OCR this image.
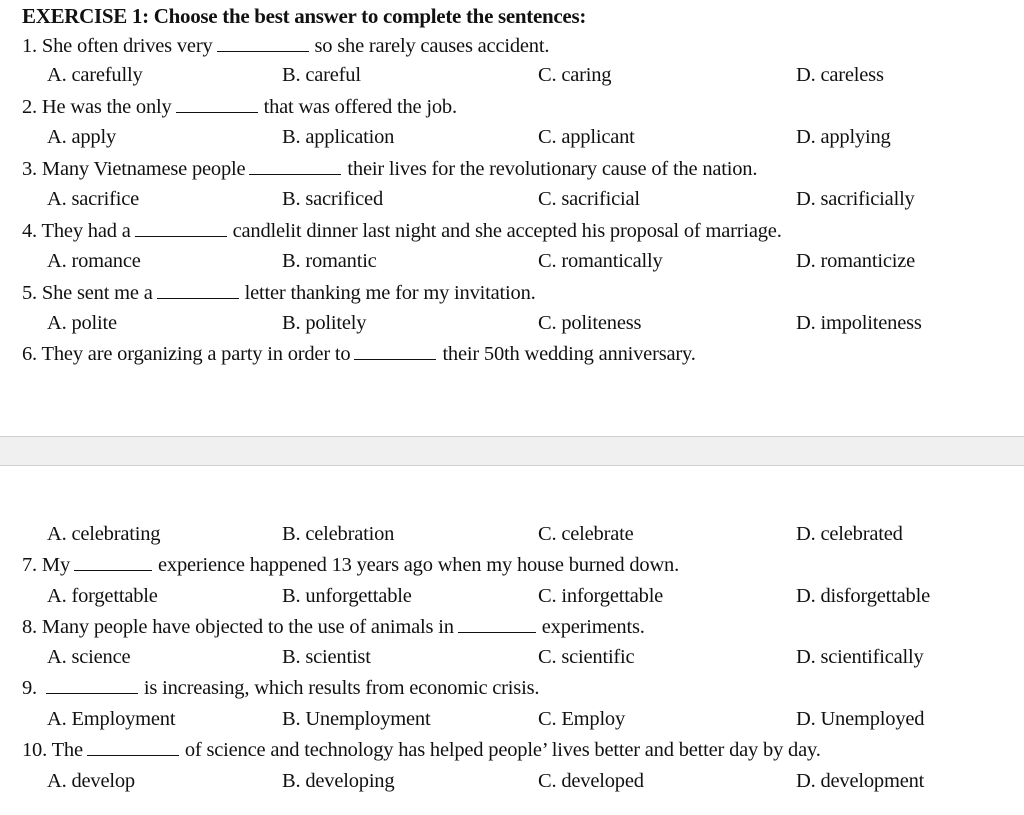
EXERCISE 1: Choose the best answer to complete the sentences:
1. She often drives very	so she rarely causes accident.
A. carefully	B. careful	C. caring	D. careless
2. He was the only	that was offered the job.
A. apply	B. application	C. applicant	D. applying
3. Many Vietnamese people	their lives for the revolutionary cause of the nation.
A. sacrifice	B. sacrificed	C. sacrificial	D. sacrificially
4. They had a	candlelit dinner last night and she accepted his proposal of marriage.
A. romance	B. romantic	C. romantically	D. romanticize
5. She sent me a	letter thanking me for my invitation.
A. polite	B. politely	C. politeness	D. impoliteness
6. They are organizing a party in order to	their 50th wedding anniversary.
A. celebrating	B. celebration	C. celebrate	D. celebrated
7. My	experience happened 13 years ago when my house burned down.
A. forgettable	B. unforgettable	C. inforgettable	D. disforgettable
8. Many people have objected to the use of animals in	experiments.
A. science	B. scientist	C. scientific	D. scientifically
9.	is increasing, which results from economic crisis.
A. Employment	B. Unemployment	C. Employ	D. Unemployed
10. The	of science and technology has helped people’ lives better and better day by day.
A. develop	B. developing	C. developed	D. development
